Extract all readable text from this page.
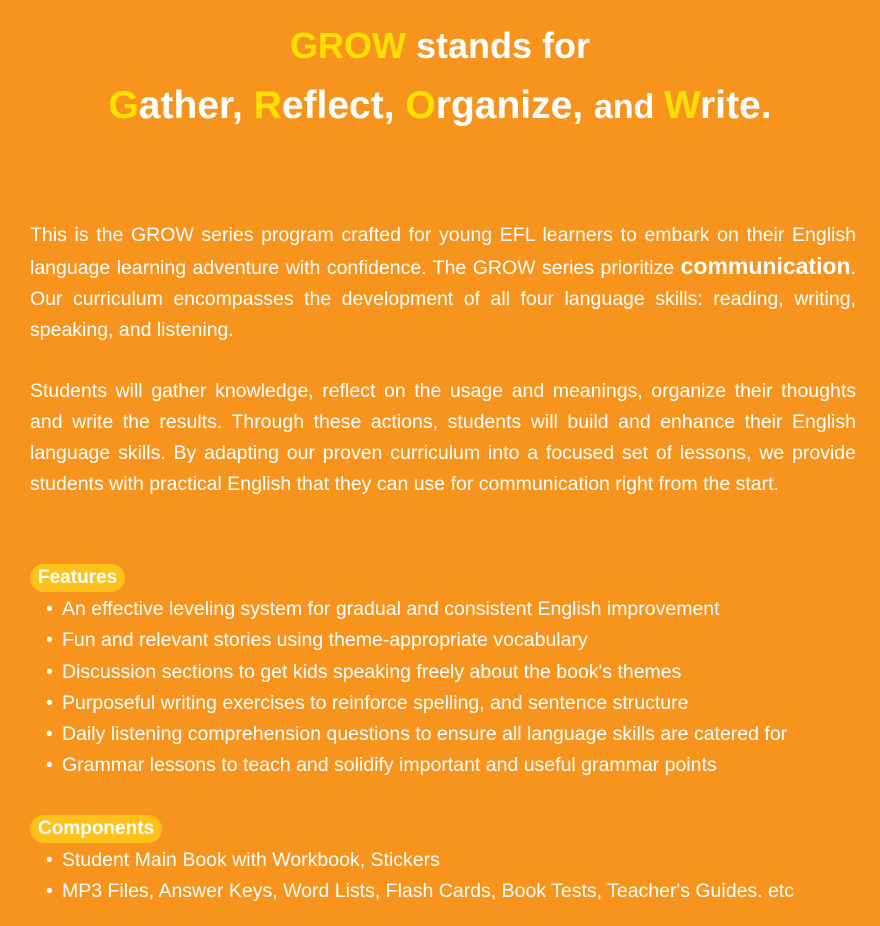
GROW stands for
Gather, Reflect, Organize, and Write.
This is the GROW series program crafted for young EFL learners to embark on their English language learning adventure with confidence. The GROW series prioritize communication. Our curriculum encompasses the development of all four language skills: reading, writing, speaking, and listening.
Students will gather knowledge, reflect on the usage and meanings, organize their thoughts and write the results. Through these actions, students will build and enhance their English language skills. By adapting our proven curriculum into a focused set of lessons, we provide students with practical English that they can use for communication right from the start.
Features
• An effective leveling system for gradual and consistent English improvement
• Fun and relevant stories using theme-appropriate vocabulary
• Discussion sections to get kids speaking freely about the book's themes
• Purposeful writing exercises to reinforce spelling, and sentence structure
• Daily listening comprehension questions to ensure all language skills are catered for
• Grammar lessons to teach and solidify important and useful grammar points
Components
• Student Main Book with Workbook, Stickers
• MP3 Files, Answer Keys, Word Lists, Flash Cards, Book Tests, Teacher's Guides. etc
